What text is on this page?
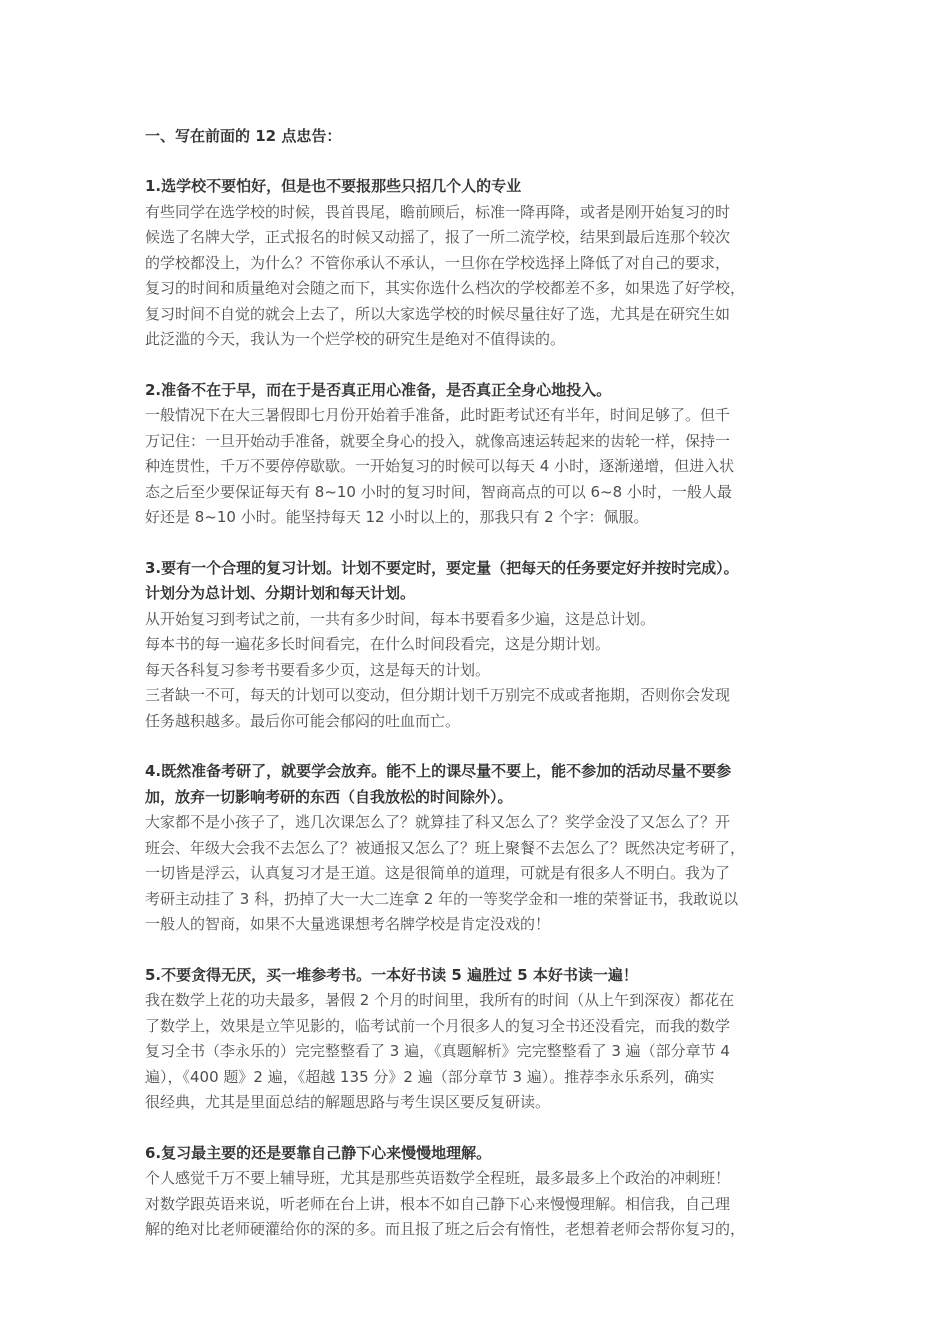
一、写在前面的 12 点忠告：

1.选学校不要怕好，但是也不要报那些只招几个人的专业
有些同学在选学校的时候，畏首畏尾，瞻前顾后，标准一降再降，或者是刚开始复习的时
候选了名牌大学，正式报名的时候又动摇了，报了一所二流学校，结果到最后连那个较次
的学校都没上，为什么？不管你承认不承认，一旦你在学校选择上降低了对自己的要求，
复习的时间和质量绝对会随之而下，其实你选什么档次的学校都差不多，如果选了好学校，
复习时间不自觉的就会上去了，所以大家选学校的时候尽量往好了选，尤其是在研究生如
此泛滥的今天，我认为一个烂学校的研究生是绝对不值得读的。
2.准备不在于早，而在于是否真正用心准备，是否真正全身心地投入。
一般情况下在大三暑假即七月份开始着手准备，此时距考试还有半年，时间足够了。但千
万记住：一旦开始动手准备，就要全身心的投入，就像高速运转起来的齿轮一样，保持一
种连贯性，千万不要停停歇歇。一开始复习的时候可以每天 4 小时，逐渐递增，但进入状
态之后至少要保证每天有 8~10 小时的复习时间，智商高点的可以 6~8 小时，一般人最
好还是 8~10 小时。能坚持每天 12 小时以上的，那我只有 2 个字：佩服。
3.要有一个合理的复习计划。计划不要定时，要定量（把每天的任务要定好并按时完成）。
计划分为总计划、分期计划和每天计划。
从开始复习到考试之前，一共有多少时间，每本书要看多少遍，这是总计划。
每本书的每一遍花多长时间看完，在什么时间段看完，这是分期计划。
每天各科复习参考书要看多少页，这是每天的计划。
三者缺一不可，每天的计划可以变动，但分期计划千万别完不成或者拖期，否则你会发现
任务越积越多。最后你可能会郁闷的吐血而亡。
4.既然准备考研了，就要学会放弃。能不上的课尽量不要上，能不参加的活动尽量不要参
加，放弃一切影响考研的东西（自我放松的时间除外）。
大家都不是小孩子了，逃几次课怎么了？就算挂了科又怎么了？奖学金没了又怎么了？开
班会、年级大会我不去怎么了？被通报又怎么了？班上聚餐不去怎么了？既然决定考研了，
一切皆是浮云，认真复习才是王道。这是很简单的道理，可就是有很多人不明白。我为了
考研主动挂了 3 科，扔掉了大一大二连拿 2 年的一等奖学金和一堆的荣誉证书，我敢说以
一般人的智商，如果不大量逃课想考名牌学校是肯定没戏的！
5.不要贪得无厌，买一堆参考书。一本好书读 5 遍胜过 5 本好书读一遍！
我在数学上花的功夫最多，暑假 2 个月的时间里，我所有的时间（从上午到深夜）都花在
了数学上，效果是立竿见影的，临考试前一个月很多人的复习全书还没看完，而我的数学
复习全书（李永乐的）完完整整看了 3 遍，《真题解析》完完整整看了 3 遍（部分章节 4
遍），《400 题》2 遍，《超越 135 分》2 遍（部分章节 3 遍）。推荐李永乐系列，确实
很经典，尤其是里面总结的解题思路与考生误区要反复研读。
6.复习最主要的还是要靠自己静下心来慢慢地理解。
个人感觉千万不要上辅导班，尤其是那些英语数学全程班，最多最多上个政治的冲刺班！
对数学跟英语来说，听老师在台上讲，根本不如自己静下心来慢慢理解。相信我，自己理
解的绝对比老师硬灌给你的深的多。而且报了班之后会有惰性，老想着老师会帮你复习的，
